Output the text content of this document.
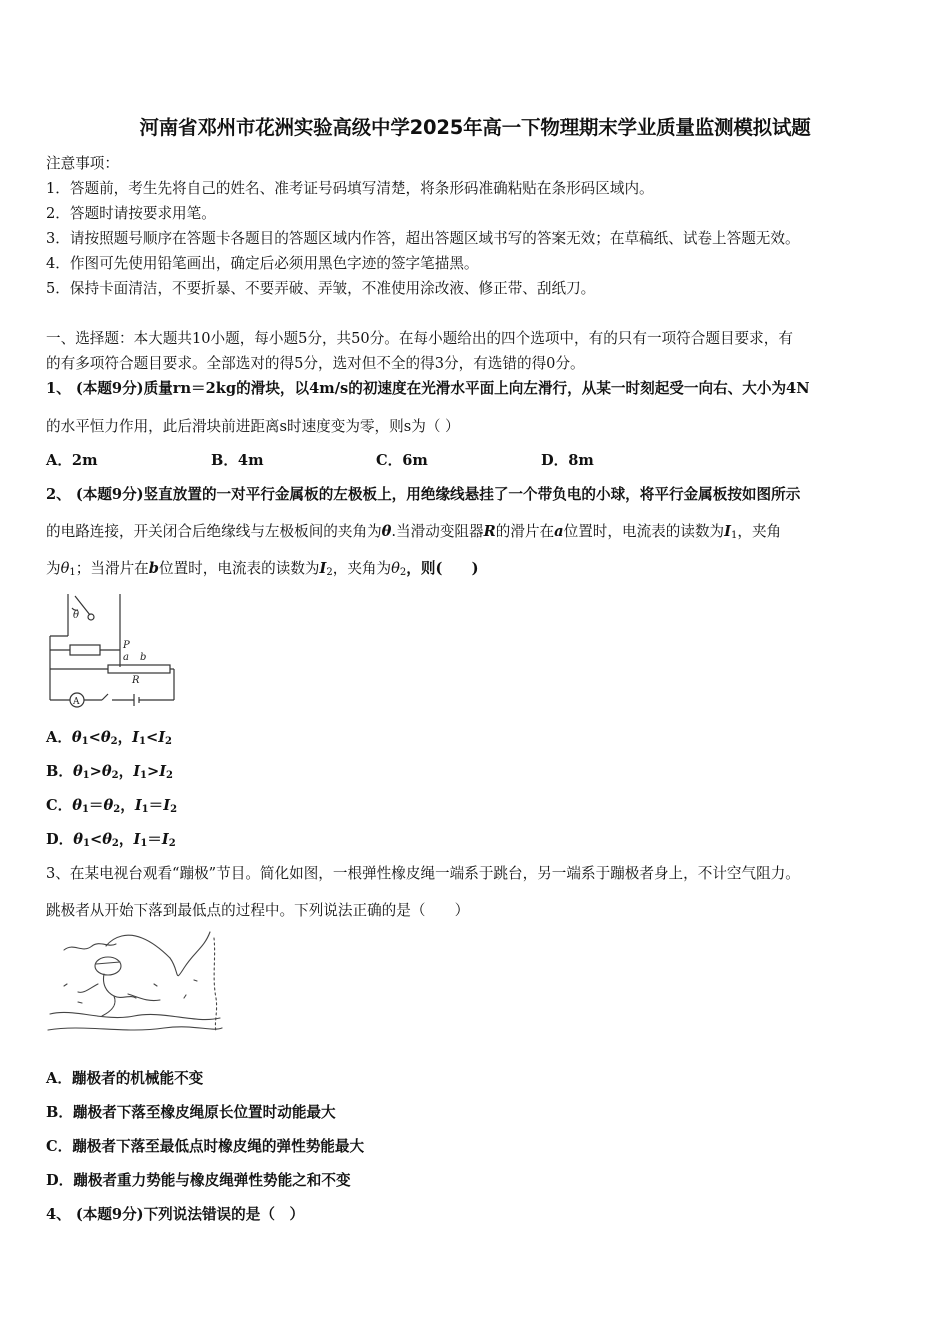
河南省邓州市花洲实验高级中学2025年高一下物理期末学业质量监测模拟试题
注意事项：
1．答题前，考生先将自己的姓名、准考证号码填写清楚，将条形码准确粘贴在条形码区域内。
2．答题时请按要求用笔。
3．请按照题号顺序在答题卡各题目的答题区域内作答，超出答题区域书写的答案无效；在草稿纸、试卷上答题无效。
4．作图可先使用铅笔画出，确定后必须用黑色字迹的签字笔描黑。
5．保持卡面清洁，不要折暴、不要弄破、弄皱，不准使用涂改液、修正带、刮纸刀。
一、选择题：本大题共10小题，每小题5分，共50分。在每小题给出的四个选项中，有的只有一项符合题目要求，有
的有多项符合题目要求。全部选对的得5分，选对但不全的得3分，有选错的得0分。
1、 (本题9分)质量rn＝2kg的滑块，以4m/s的初速度在光滑水平面上向左滑行，从某一时刻起受一向右、大小为4N
的水平恒力作用，此后滑块前进距离s时速度变为零，则s为（ ）
A．2m	B．4m	C．6m	D．8m
2、 (本题9分)竖直放置的一对平行金属板的左极板上，用绝缘线悬挂了一个带负电的小球，将平行金属板按如图所示
的电路连接，开关闭合后绝缘线与左极板间的夹角为θ.当滑动变阻器R的滑片在a位置时，电流表的读数为$I_1$，夹角
为$\theta_1$；当滑片在b位置时，电流表的读数为$I_2$，夹角为$\theta_2$，则(　　)
θ
P
a b
R
A
A．$\theta_1<\theta_2$，$I_1<I_2$
B．$\theta_1>\theta_2$，$I_1>I_2$
C．$\theta_1=\theta_2$，$I_1=I_2$
D．$\theta_1<\theta_2$，$I_1=I_2$
3、在某电视台观看“蹦极”节目。简化如图，一根弹性橡皮绳一端系于跳台，另一端系于蹦极者身上，不计空气阻力。
跳极者从开始下落到最低点的过程中。下列说法正确的是（　　）
A．蹦极者的机械能不变
B．蹦极者下落至橡皮绳原长位置时动能最大
C．蹦极者下落至最低点时橡皮绳的弹性势能最大
D．蹦极者重力势能与橡皮绳弹性势能之和不变
4、 (本题9分)下列说法错误的是（　）
